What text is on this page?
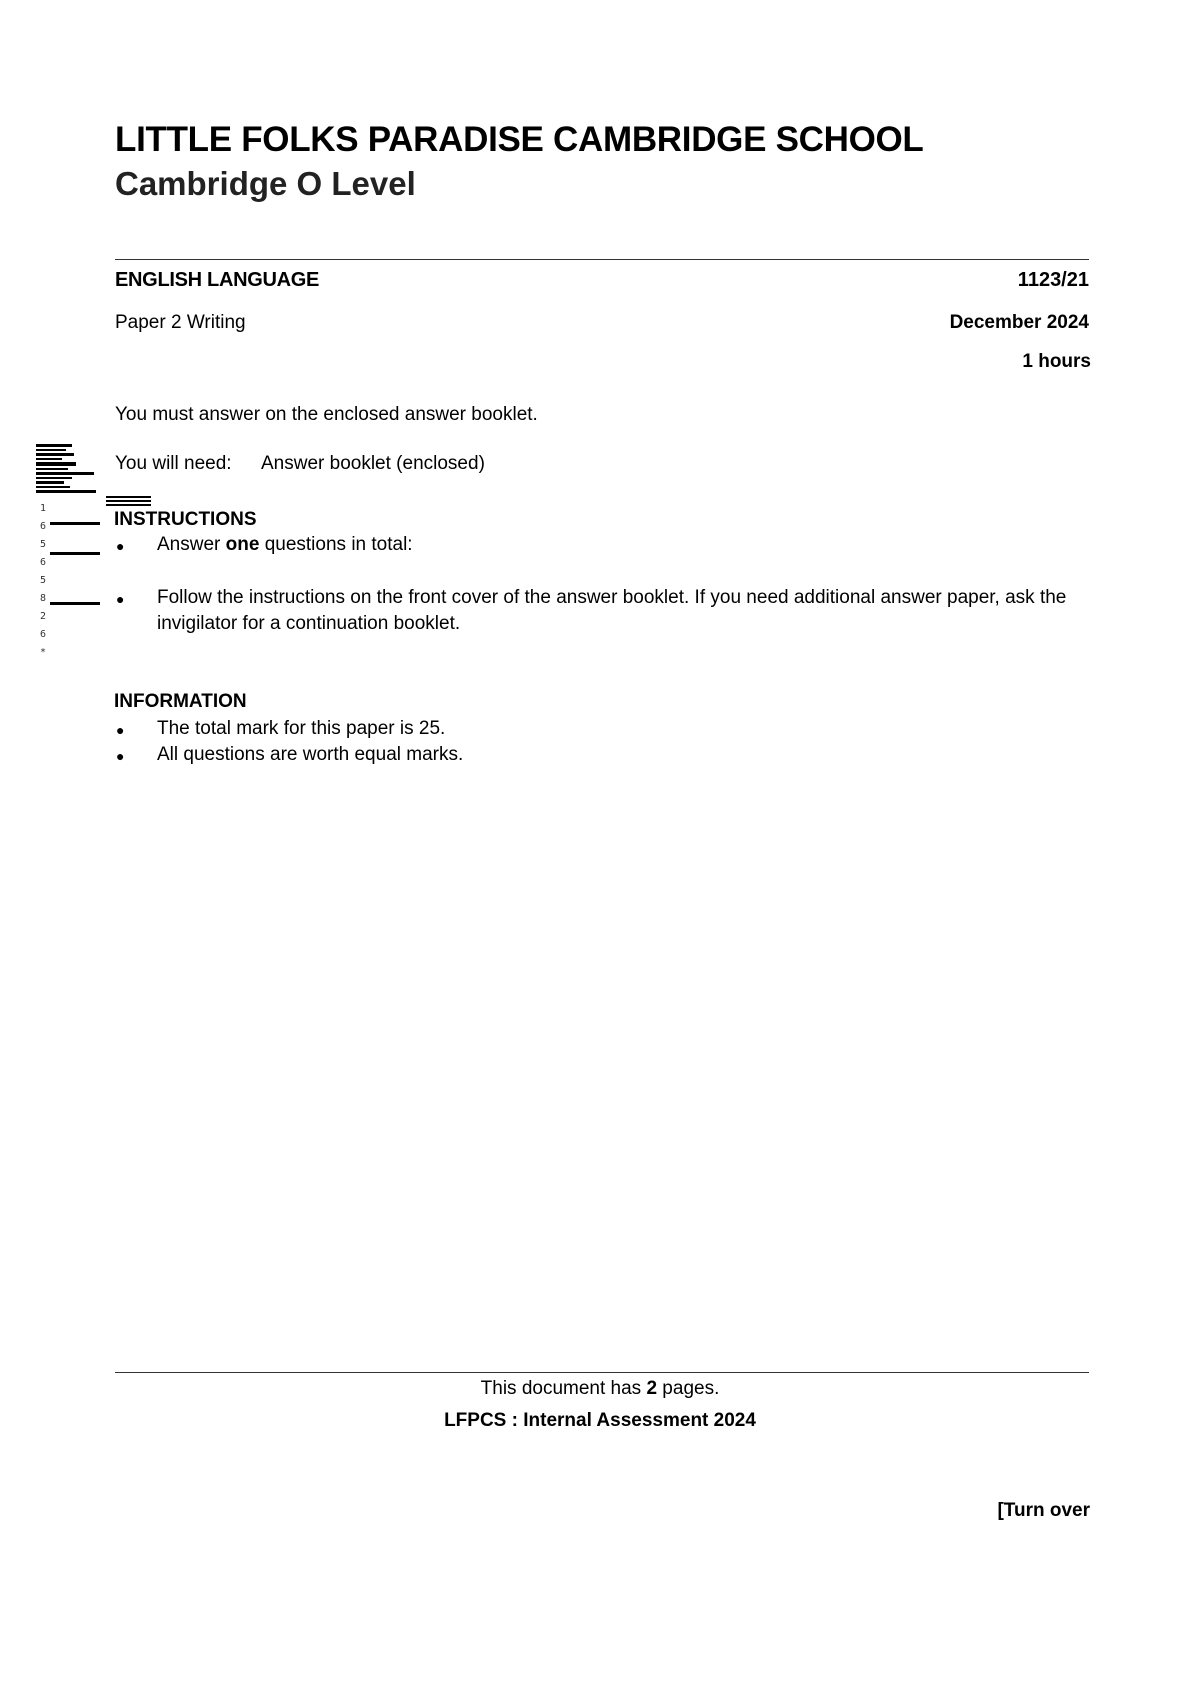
LITTLE FOLKS PARADISE CAMBRIDGE SCHOOL
Cambridge O Level
ENGLISH LANGUAGE	1123/21
Paper 2 Writing	December 2024
1 hours
You must answer on the enclosed answer booklet.
You will need: Answer booklet (enclosed)
INSTRUCTIONS
● Answer one questions in total:
● Follow the instructions on the front cover of the answer booklet. If you need additional answer paper, ask the invigilator for a continuation booklet.
INFORMATION
● The total mark for this paper is 25.
● All questions are worth equal marks.
This document has 2 pages.
LFPCS : Internal Assessment 2024
[Turn over
1
6
5
6
5
8
2
6
*
